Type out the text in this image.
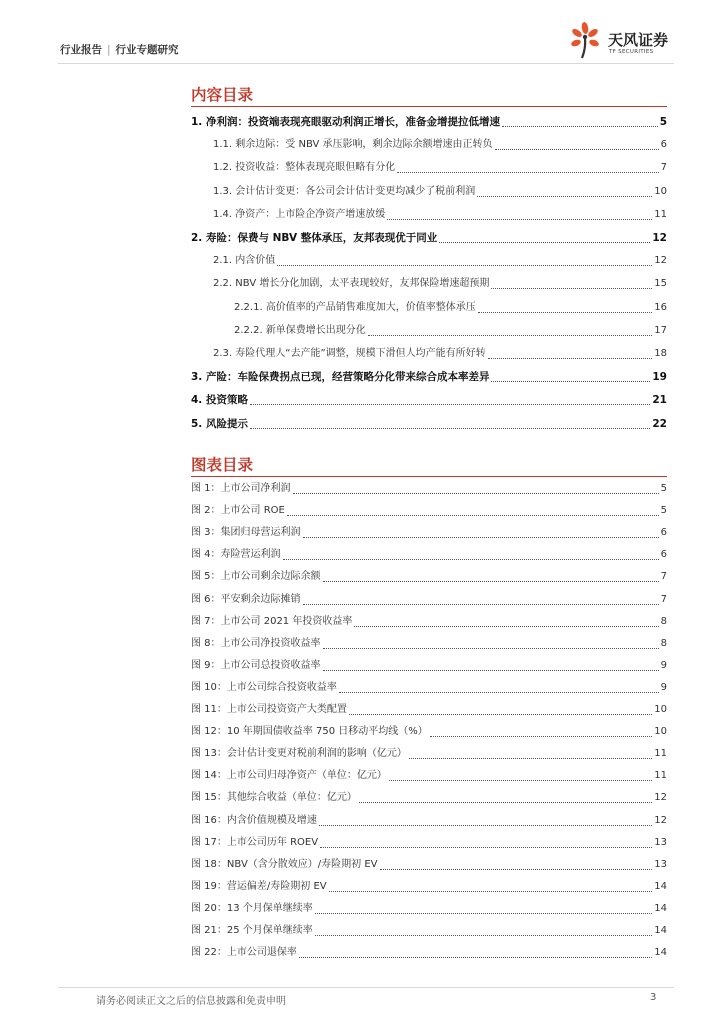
行业报告 | 行业专题研究
天风证券
TF SECURITIES
内容目录
1. 净利润：投资端表现亮眼驱动利润正增长，准备金增提拉低增速	5
1.1. 剩余边际：受 NBV 承压影响，剩余边际余额增速由正转负	6
1.2. 投资收益：整体表现亮眼但略有分化	7
1.3. 会计估计变更：各公司会计估计变更均减少了税前利润	10
1.4. 净资产：上市险企净资产增速放缓	11
2. 寿险：保费与 NBV 整体承压，友邦表现优于同业	12
2.1. 内含价值	12
2.2. NBV 增长分化加剧，太平表现较好，友邦保险增速超预期	15
2.2.1. 高价值率的产品销售难度加大，价值率整体承压	16
2.2.2. 新单保费增长出现分化	17
2.3. 寿险代理人“去产能”调整，规模下滑但人均产能有所好转	18
3. 产险：车险保费拐点已现，经营策略分化带来综合成本率差异	19
4. 投资策略	21
5. 风险提示	22
图表目录
图 1：上市公司净利润	5
图 2：上市公司 ROE	5
图 3：集团归母营运利润	6
图 4：寿险营运利润	6
图 5：上市公司剩余边际余额	7
图 6：平安剩余边际摊销	7
图 7：上市公司 2021 年投资收益率	8
图 8：上市公司净投资收益率	8
图 9：上市公司总投资收益率	9
图 10：上市公司综合投资收益率	9
图 11：上市公司投资资产大类配置	10
图 12：10 年期国债收益率 750 日移动平均线（%）	10
图 13：会计估计变更对税前利润的影响（亿元）	11
图 14：上市公司归母净资产（单位：亿元）	11
图 15：其他综合收益（单位：亿元）	12
图 16：内含价值规模及增速	12
图 17：上市公司历年 ROEV	13
图 18：NBV（含分散效应）/寿险期初 EV	13
图 19：营运偏差/寿险期初 EV	14
图 20：13 个月保单继续率	14
图 21：25 个月保单继续率	14
图 22：上市公司退保率	14
请务必阅读正文之后的信息披露和免责申明	3
